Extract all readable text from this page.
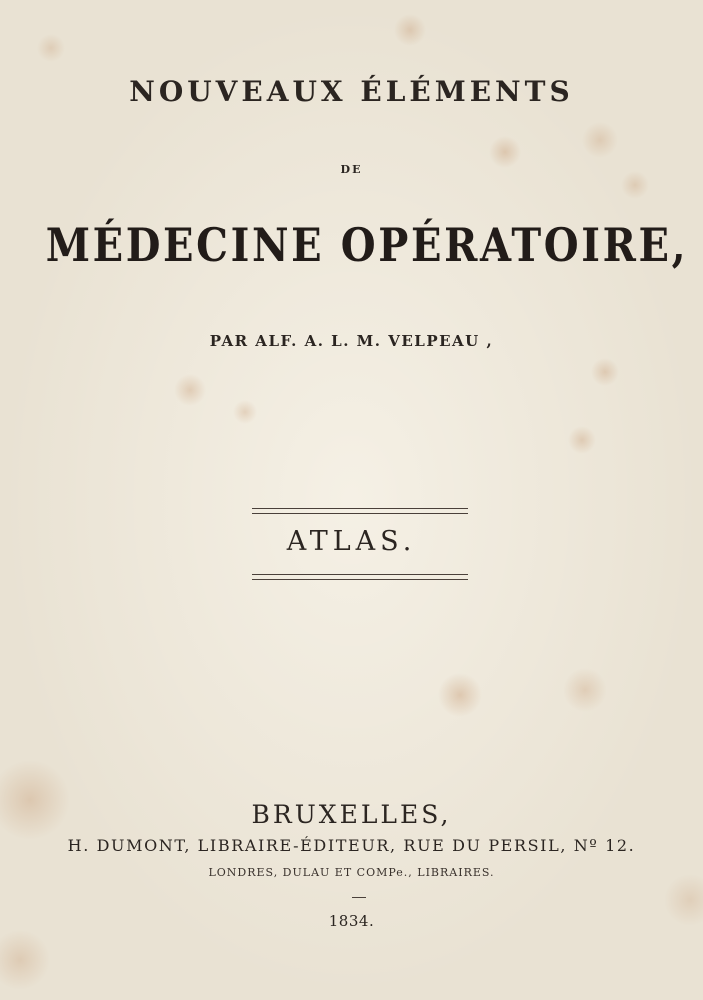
NOUVEAUX ÉLÉMENTS
DE
MÉDECINE OPÉRATOIRE,
PAR ALF. A. L. M. VELPEAU ,
ATLAS.
BRUXELLES,
H. DUMONT, LIBRAIRE-ÉDITEUR, RUE DU PERSIL, Nº 12.
LONDRES, DULAU ET COMPe., LIBRAIRES.
1834.
